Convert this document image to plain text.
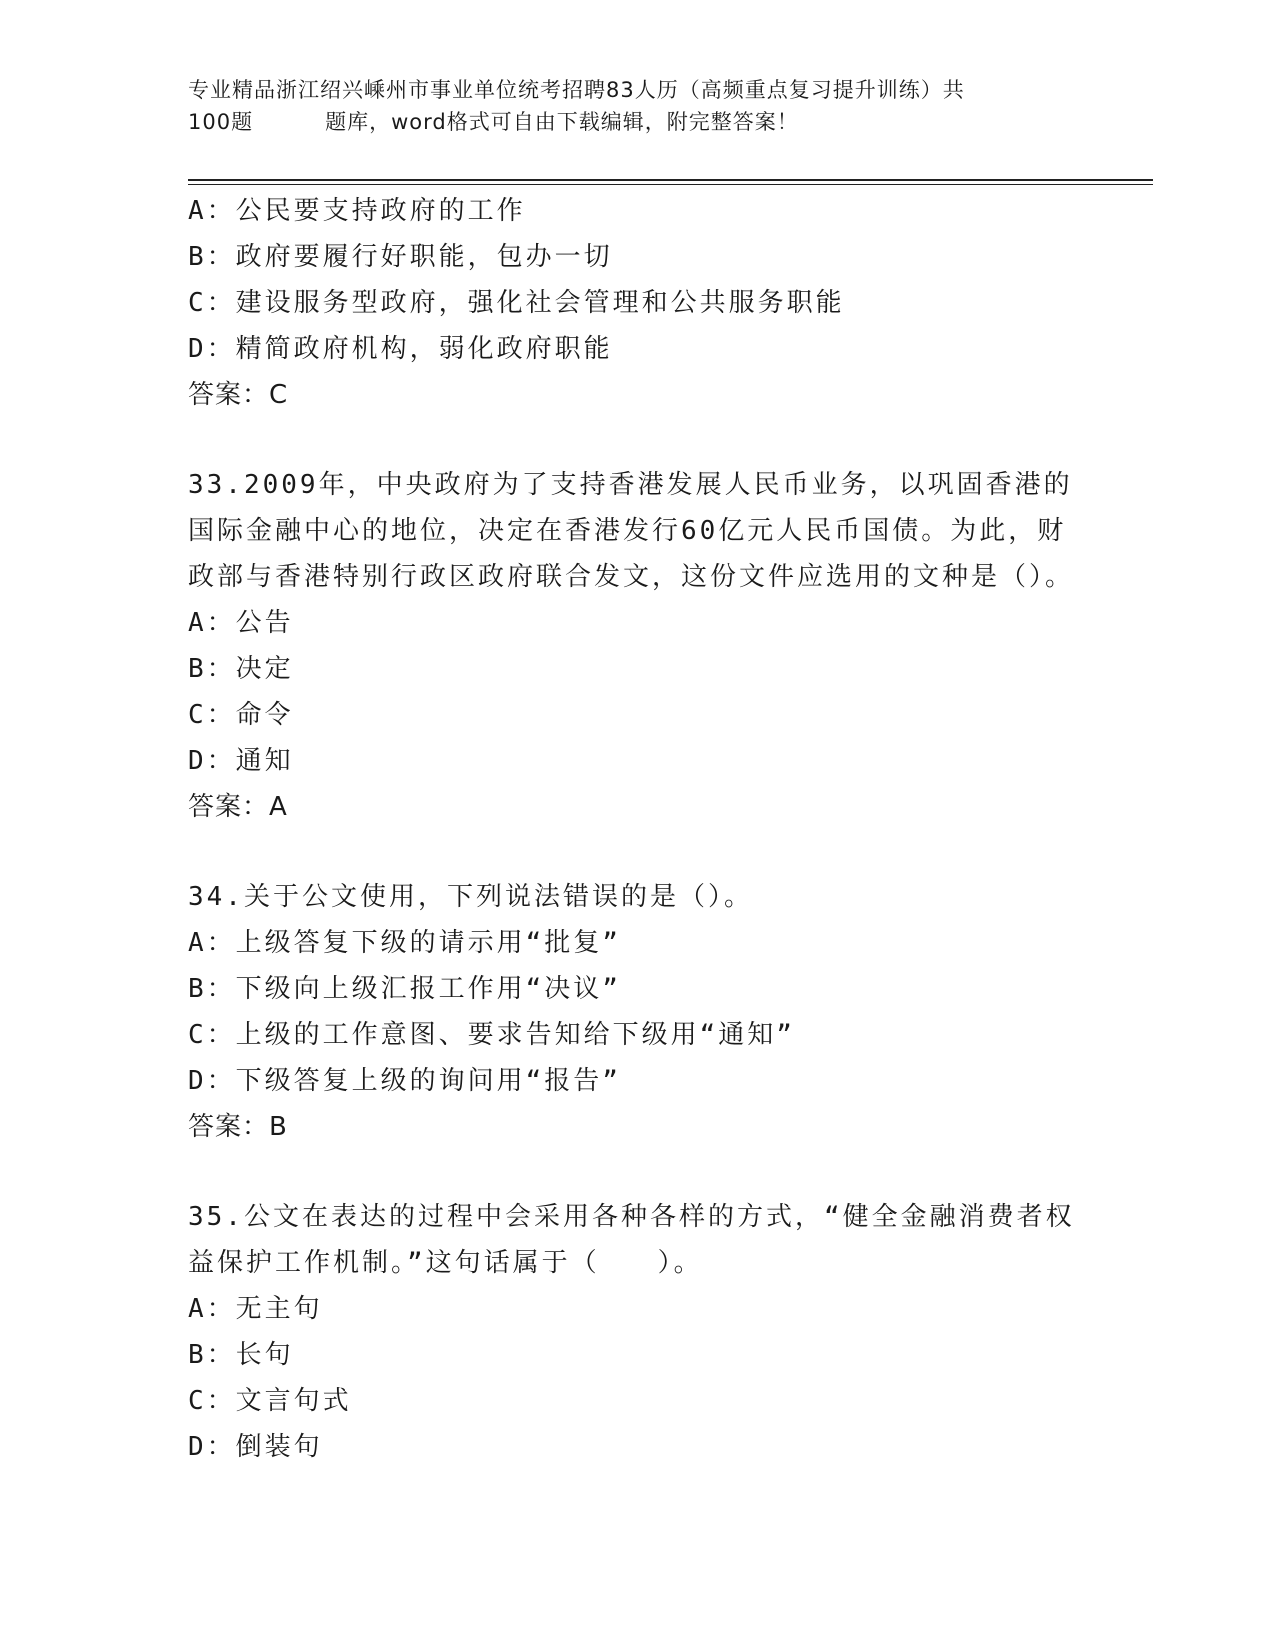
专业精品浙江绍兴嵊州市事业单位统考招聘83人历（高频重点复习提升训练）共
100题	题库，word格式可自由下载编辑，附完整答案！
A：公民要支持政府的工作
B：政府要履行好职能，包办一切
C：建设服务型政府，强化社会管理和公共服务职能
D：精简政府机构，弱化政府职能
答案：C
33.2009年，中央政府为了支持香港发展人民币业务，以巩固香港的国际金融中心的地位，决定在香港发行60亿元人民币国债。为此，财政部与香港特别行政区政府联合发文，这份文件应选用的文种是（）。
A：公告
B：决定
C：命令
D：通知
答案：A
34.关于公文使用，下列说法错误的是（）。
A：上级答复下级的请示用“批复”
B：下级向上级汇报工作用“决议”
C：上级的工作意图、要求告知给下级用“通知”
D：下级答复上级的询问用“报告”
答案：B
35.公文在表达的过程中会采用各种各样的方式，“健全金融消费者权益保护工作机制。”这句话属于（　　）。
A：无主句
B：长句
C：文言句式
D：倒装句
